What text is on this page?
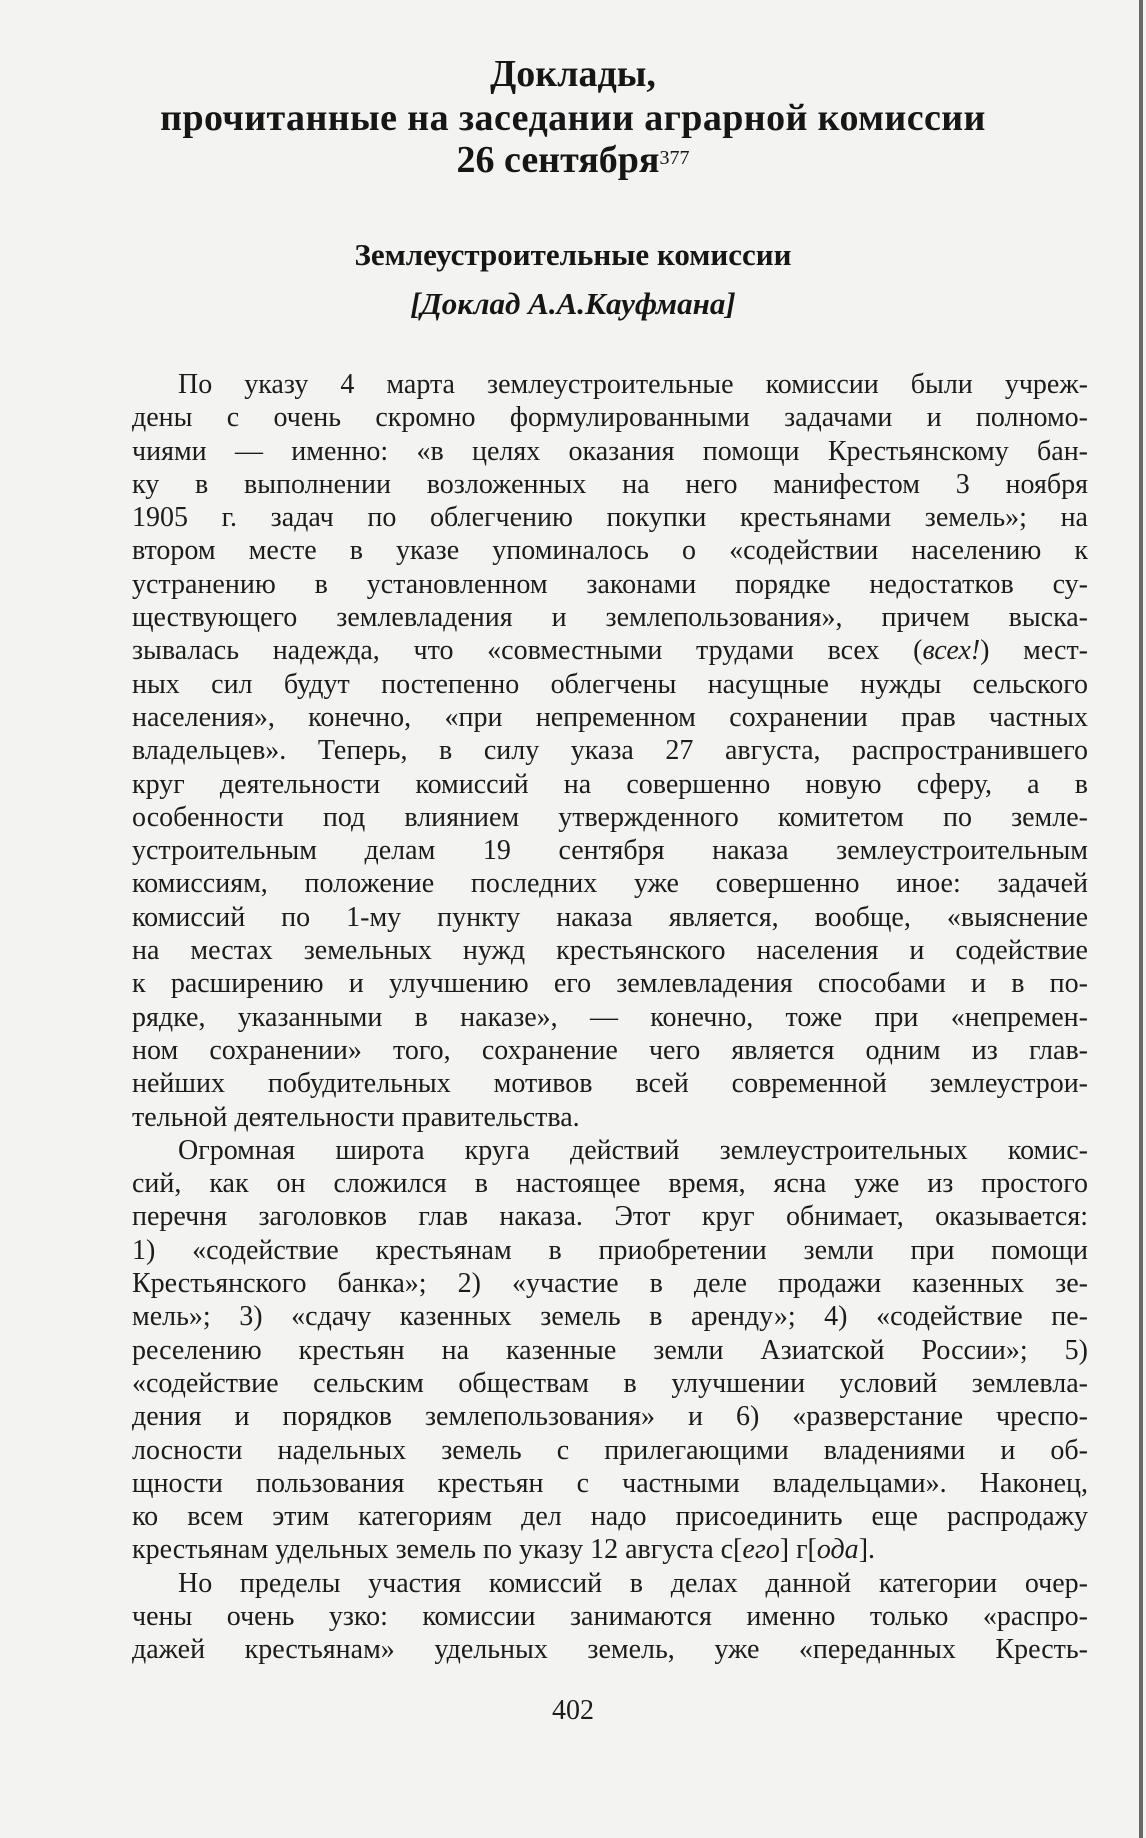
Доклады,
прочитанные на заседании аграрной комиссии
26 сентября$^{377}$
Землеустроительные комиссии
[Доклад А.А.Кауфмана]
По указу 4 марта землеустроительные комиссии были учреж-
дены с очень скромно формулированными задачами и полномо-
чиями — именно: «в целях оказания помощи Крестьянскому бан-
ку в выполнении возложенных на него манифестом 3 ноября
1905 г. задач по облегчению покупки крестьянами земель»; на
втором месте в указе упоминалось о «содействии населению к
устранению в установленном законами порядке недостатков су-
ществующего землевладения и землепользования», причем выска-
зывалась надежда, что «совместными трудами всех (всех!) мест-
ных сил будут постепенно облегчены насущные нужды сельского
населения», конечно, «при непременном сохранении прав частных
владельцев». Теперь, в силу указа 27 августа, распространившего
круг деятельности комиссий на совершенно новую сферу, а в
особенности под влиянием утвержденного комитетом по земле-
устроительным делам 19 сентября наказа землеустроительным
комиссиям, положение последних уже совершенно иное: задачей
комиссий по 1-му пункту наказа является, вообще, «выяснение
на местах земельных нужд крестьянского населения и содействие
к расширению и улучшению его землевладения способами и в по-
рядке, указанными в наказе», — конечно, тоже при «непремен-
ном сохранении» того, сохранение чего является одним из глав-
нейших побудительных мотивов всей современной землеустрои-
тельной деятельности правительства.
Огромная широта круга действий землеустроительных комис-
сий, как он сложился в настоящее время, ясна уже из простого
перечня заголовков глав наказа. Этот круг обнимает, оказывается:
1) «содействие крестьянам в приобретении земли при помощи
Крестьянского банка»; 2) «участие в деле продажи казенных зе-
мель»; 3) «сдачу казенных земель в аренду»; 4) «содействие пе-
реселению крестьян на казенные земли Азиатской России»; 5)
«содействие сельским обществам в улучшении условий землевла-
дения и порядков землепользования» и 6) «разверстание чреспо-
лосности надельных земель с прилегающими владениями и об-
щности пользования крестьян с частными владельцами». Наконец,
ко всем этим категориям дел надо присоединить еще распродажу
крестьянам удельных земель по указу 12 августа с[его] г[ода].
Но пределы участия комиссий в делах данной категории очер-
чены очень узко: комиссии занимаются именно только «распро-
дажей крестьянам» удельных земель, уже «переданных Кресть-
402
